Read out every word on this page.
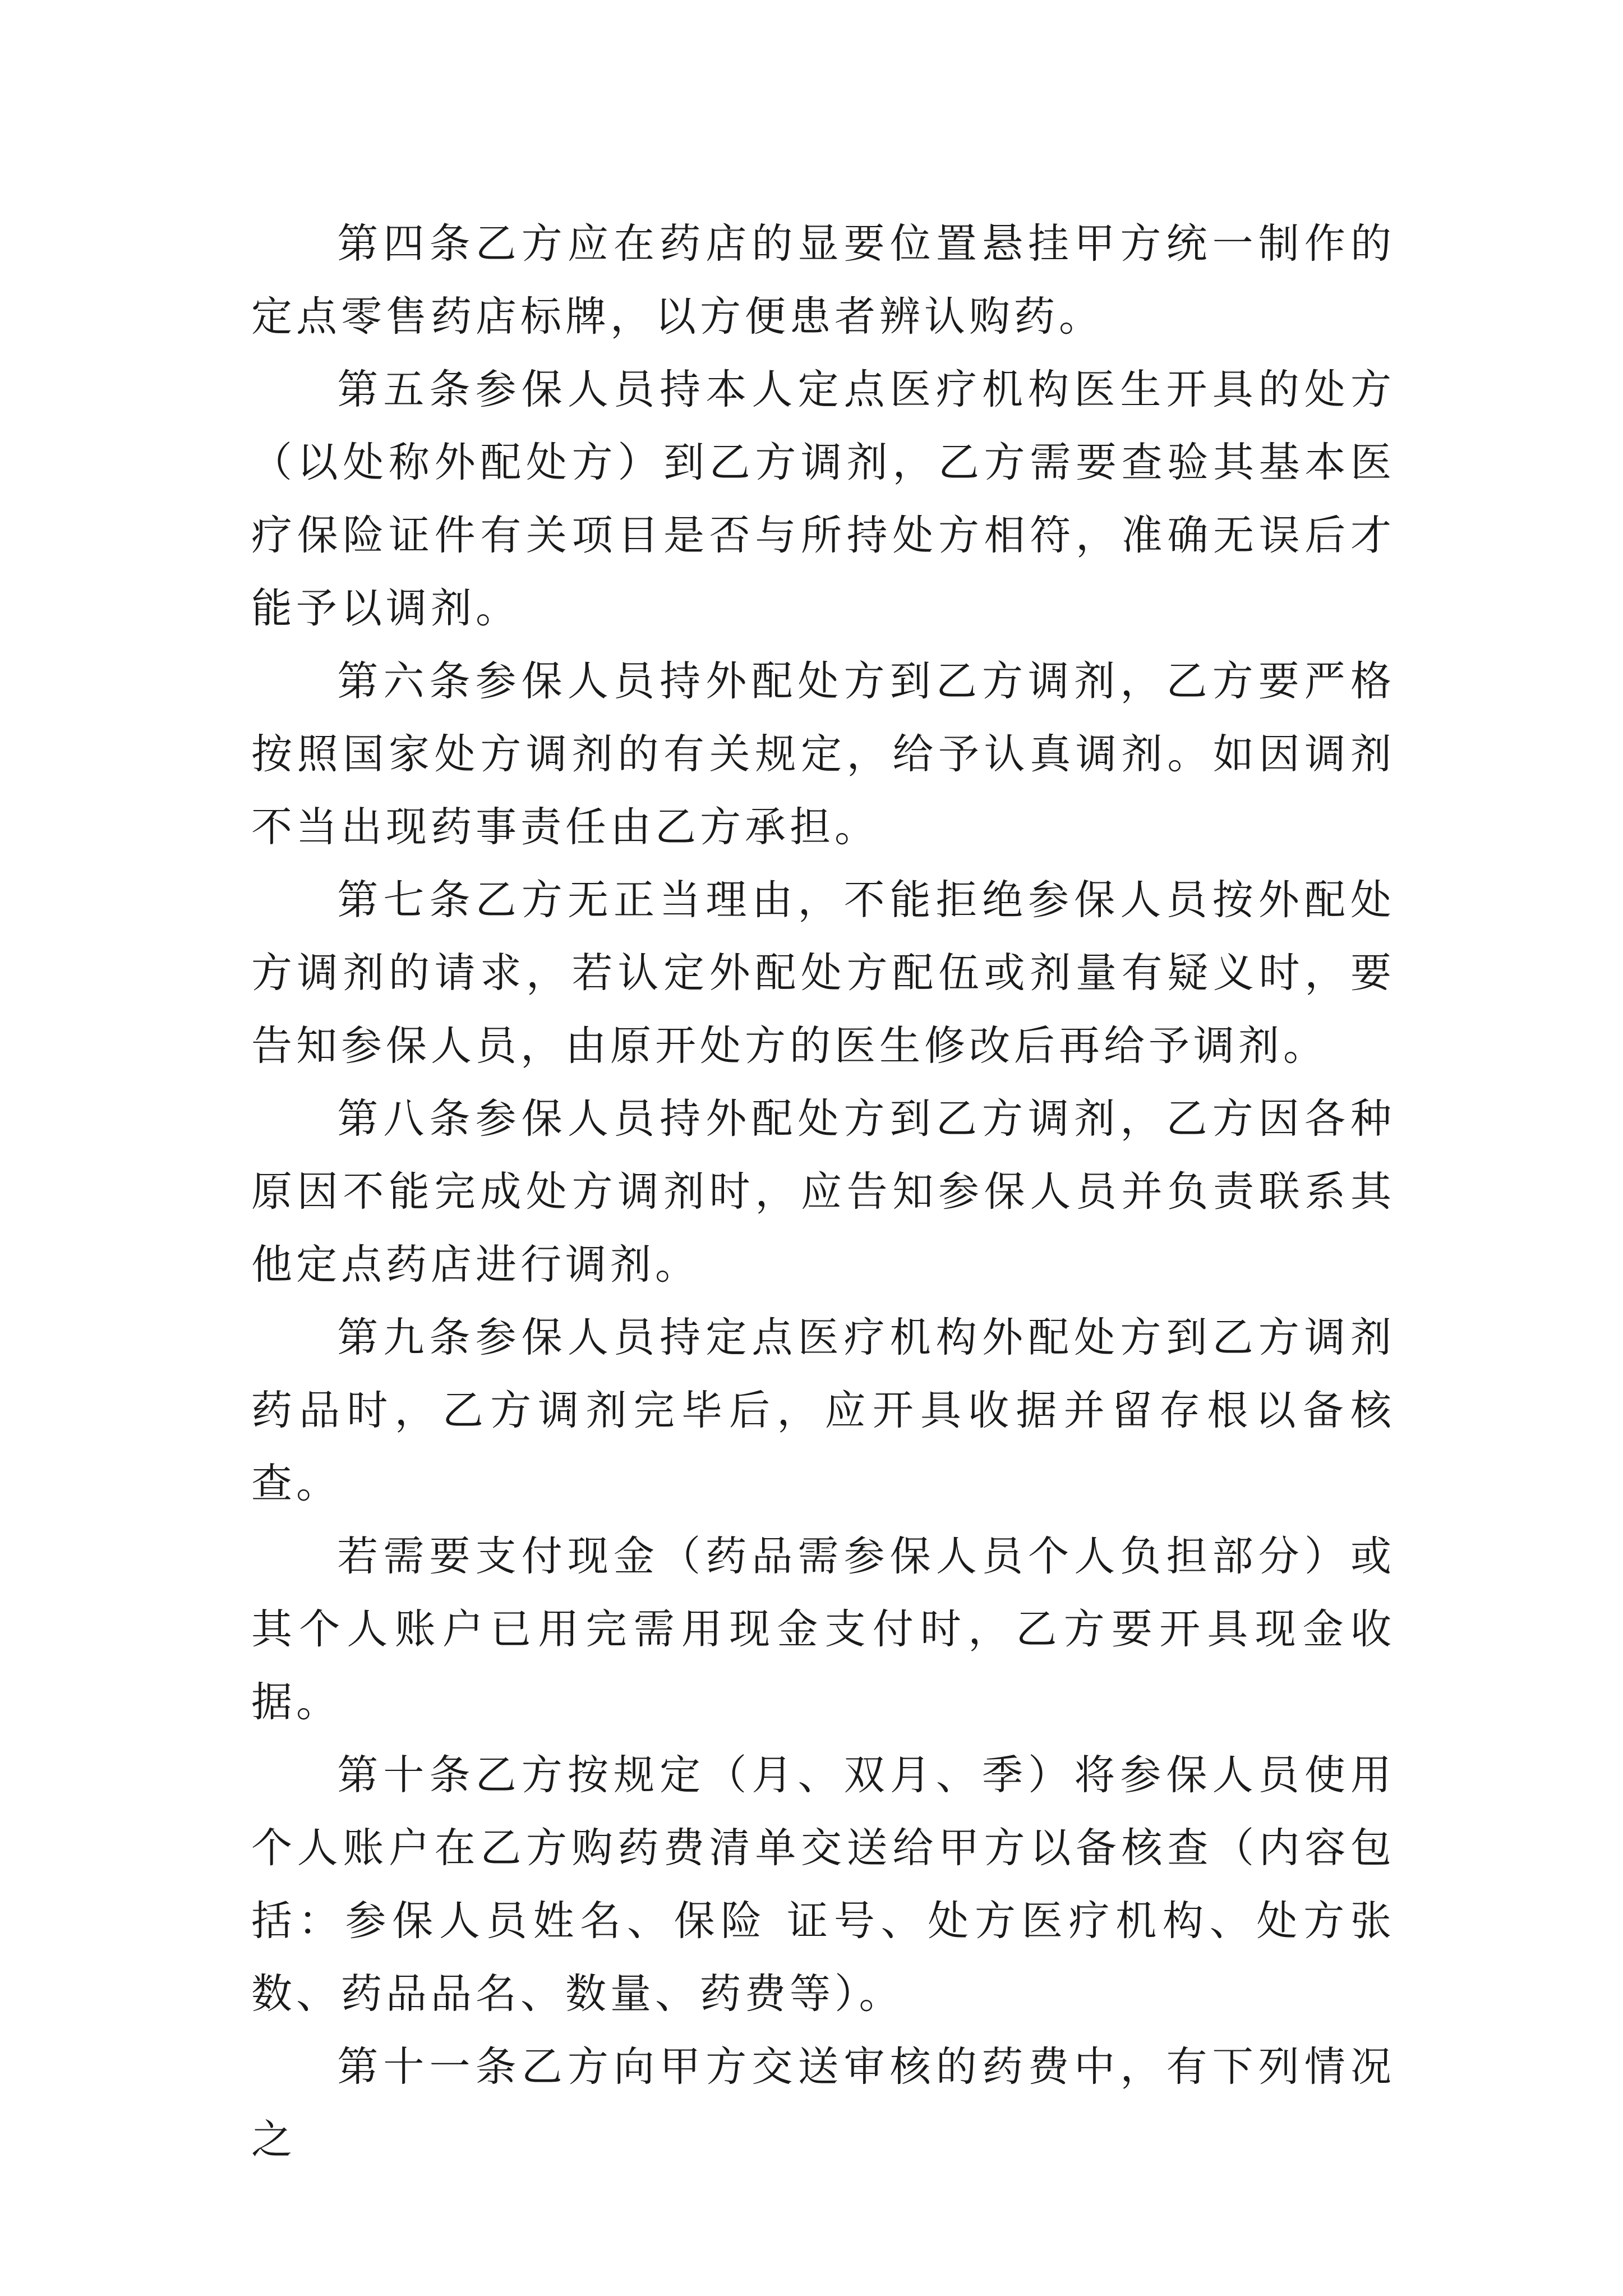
第四条乙方应在药店的显要位置悬挂甲方统一制作的定点零售药店标牌，以方便患者辨认购药。

第五条参保人员持本人定点医疗机构医生开具的处方（以处称外配处方）到乙方调剂，乙方需要查验其基本医疗保险证件有关项目是否与所持处方相符，准确无误后才能予以调剂。

第六条参保人员持外配处方到乙方调剂，乙方要严格按照国家处方调剂的有关规定，给予认真调剂。如因调剂不当出现药事责任由乙方承担。

第七条乙方无正当理由，不能拒绝参保人员按外配处方调剂的请求，若认定外配处方配伍或剂量有疑义时，要告知参保人员，由原开处方的医生修改后再给予调剂。

第八条参保人员持外配处方到乙方调剂，乙方因各种原因不能完成处方调剂时，应告知参保人员并负责联系其他定点药店进行调剂。

第九条参保人员持定点医疗机构外配处方到乙方调剂药品时，乙方调剂完毕后，应开具收据并留存根以备核查。

若需要支付现金（药品需参保人员个人负担部分）或其个人账户已用完需用现金支付时，乙方要开具现金收据。

第十条乙方按规定（月、双月、季）将参保人员使用个人账户在乙方购药费清单交送给甲方以备核查（内容包括：参保人员姓名、保险 证号、处方医疗机构、处方张数、药品品名、数量、药费等）。

第十一条乙方向甲方交送审核的药费中，有下列情况之
